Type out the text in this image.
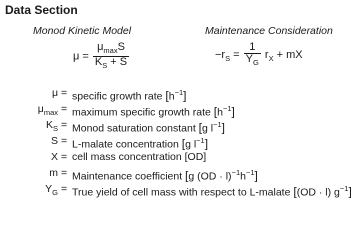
Data Section
Monod Kinetic Model	Maintenance Consideration
$\mu = \frac{\mu_{max}S}{K_S + S}$	$-r_S = \frac{1}{Y_G} r_X$ + mX
μ = specific growth rate $[h^{-1}]$
$\mu_{max}$ = maximum specific growth rate $[h^{-1}]$
$K_S$ = Monod saturation constant [g $l^{-1}$]
S = L-malate concentration [g $l^{-1}$]
X = cell mass concentration [OD]
m = Maintenance coefficient [g $(OD \cdot l)^{-1}h^{-1}$]
$Y_G$ = True yield of cell mass with respect to L-malate [(OD · l) $g^{-1}$]
